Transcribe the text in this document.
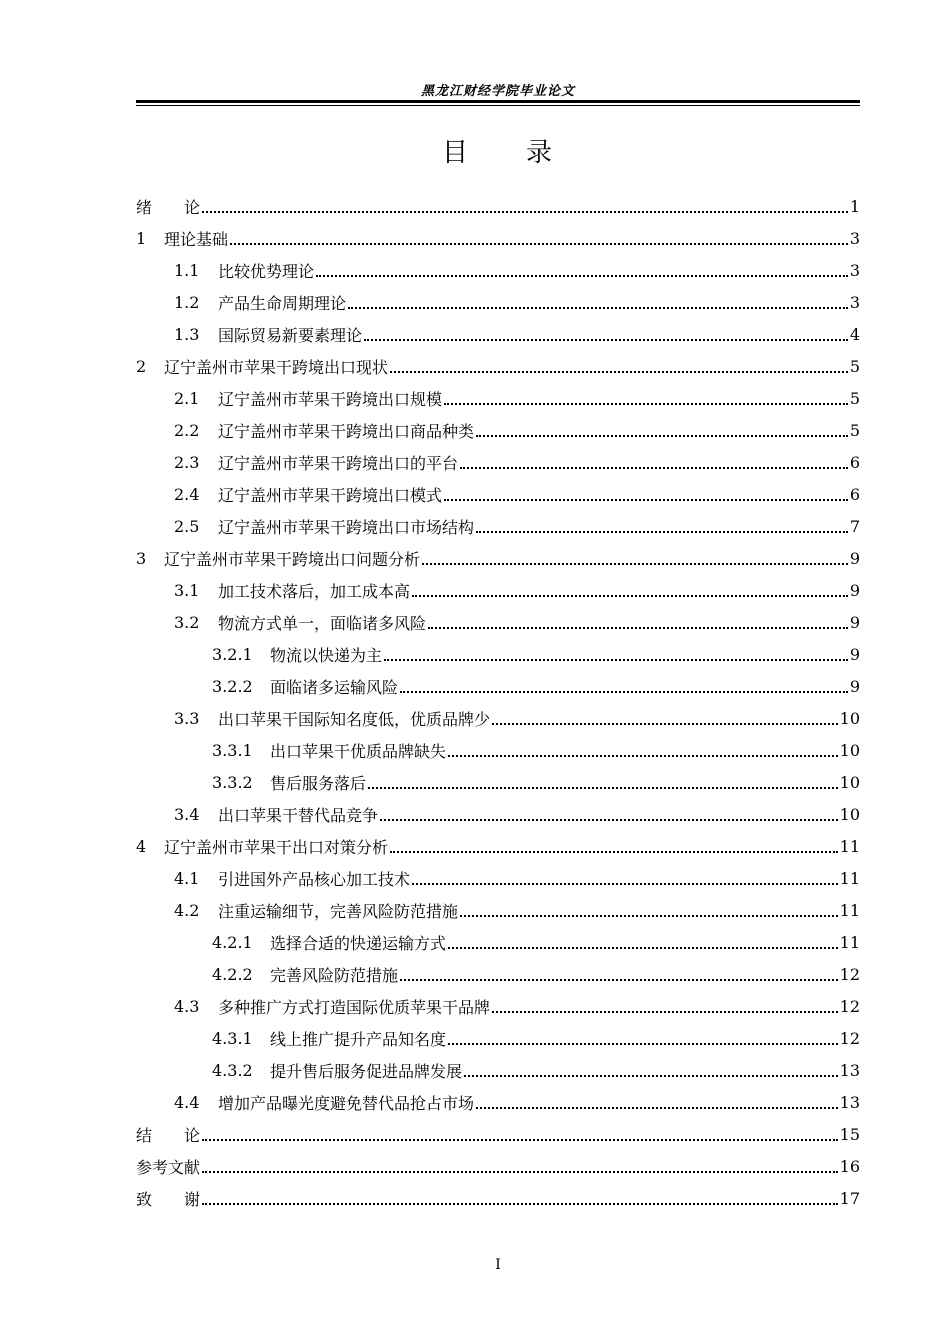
黑龙江财经学院毕业论文
目　　录
绪　　论	1
1	理论基础	3
1.1	比较优势理论	3
1.2	产品生命周期理论	3
1.3	国际贸易新要素理论	4
2	辽宁盖州市苹果干跨境出口现状	5
2.1	辽宁盖州市苹果干跨境出口规模	5
2.2	辽宁盖州市苹果干跨境出口商品种类	5
2.3	辽宁盖州市苹果干跨境出口的平台	6
2.4	辽宁盖州市苹果干跨境出口模式	6
2.5	辽宁盖州市苹果干跨境出口市场结构	7
3	辽宁盖州市苹果干跨境出口问题分析	9
3.1	加工技术落后，加工成本高	9
3.2	物流方式单一，面临诸多风险	9
3.2.1	物流以快递为主	9
3.2.2	面临诸多运输风险	9
3.3	出口苹果干国际知名度低，优质品牌少	10
3.3.1	出口苹果干优质品牌缺失	10
3.3.2	售后服务落后	10
3.4	出口苹果干替代品竞争	10
4	辽宁盖州市苹果干出口对策分析	11
4.1	引进国外产品核心加工技术	11
4.2	注重运输细节，完善风险防范措施	11
4.2.1	选择合适的快递运输方式	11
4.2.2	完善风险防范措施	12
4.3	多种推广方式打造国际优质苹果干品牌	12
4.3.1	线上推广提升产品知名度	12
4.3.2	提升售后服务促进品牌发展	13
4.4	增加产品曝光度避免替代品抢占市场	13
结　　论	15
参考文献	16
致　　谢	17
I
